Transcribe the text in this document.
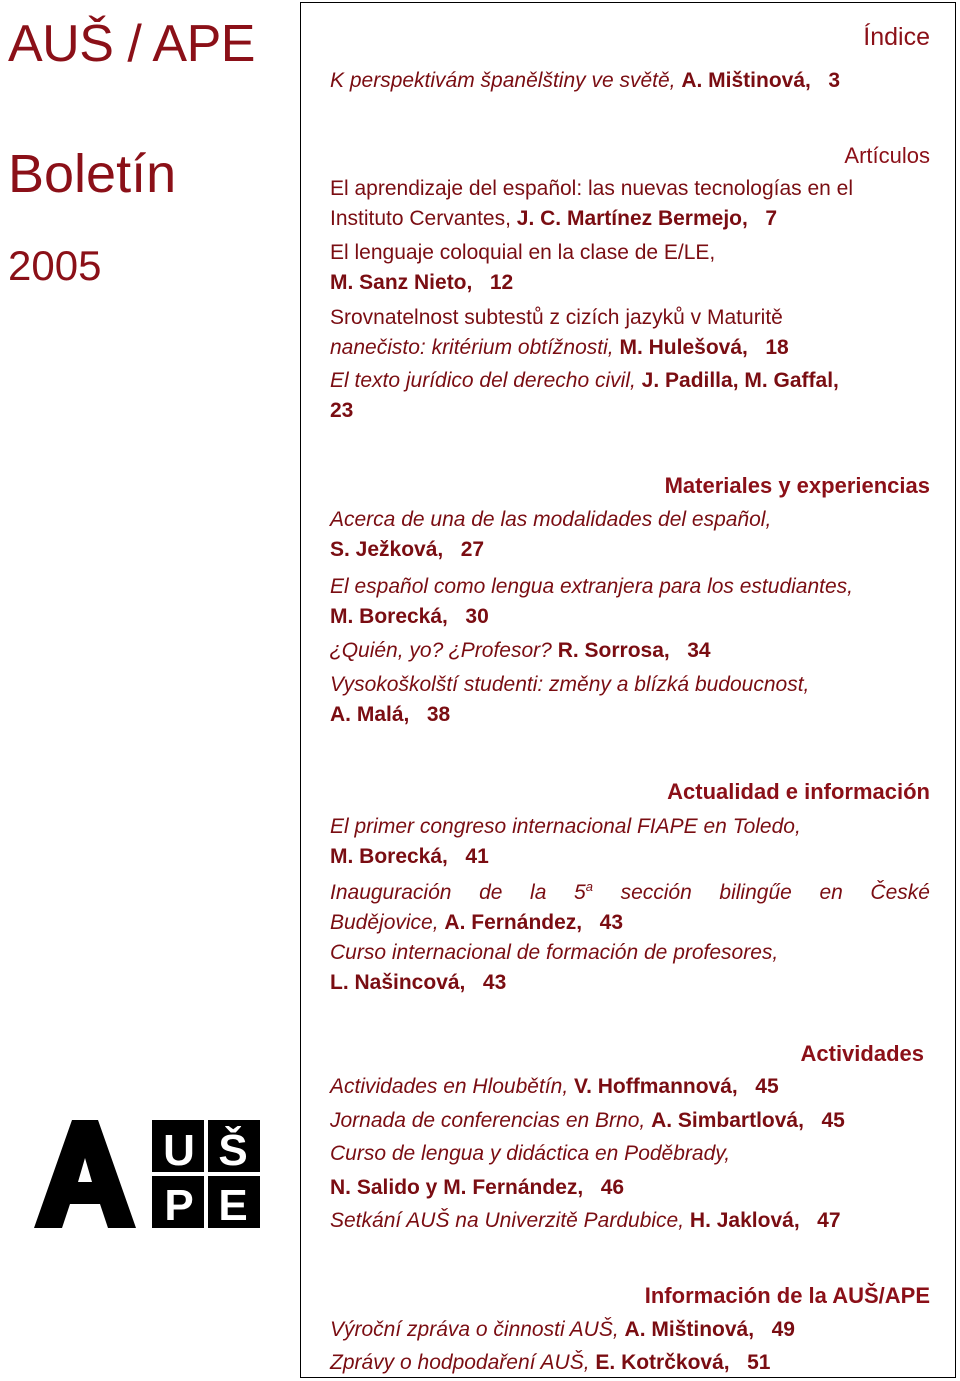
AUŠ / APE
Boletín
2005
U Š
P E
Índice
K perspektivám španělštiny ve světě, A. Mištinová, 3
Artículos
El aprendizaje del español: las nuevas tecnologías en el
Instituto Cervantes, J. C. Martínez Bermejo, 7
El lenguaje coloquial en la clase de E/LE,
M. Sanz Nieto, 12
Srovnatelnost subtestů z cizích jazyků v Maturitě
nanečisto: kritérium obtížnosti, M. Hulešová, 18
El texto jurídico del derecho civil, J. Padilla, M. Gaffal,
23
Materiales y experiencias
Acerca de una de las modalidades del español,
S. Ježková, 27
El español como lengua extranjera para los estudiantes,
M. Borecká, 30
?Quién, yo? ?Profesor? R. Sorrosa, 34
Vysokoškolští studenti: změny a blízká budoucnost,
A. Malá, 38
Actualidad e información
El primer congreso internacional FIAPE en Toledo,
M. Borecká, 41
Inauguración de la 5$^a$ sección bilingűe en České
Budějovice, A. Fernández, 43
Curso internacional de formación de profesores,
L. Našincová, 43
Actividades
Actividades en Hloubětín, V. Hoffmannová, 45
Jornada de conferencias en Brno, A. Simbartlová, 45
Curso de lengua y didáctica en Poděbrady,
N. Salido y M. Fernández, 46
Setkání AUŠ na Univerzitě Pardubice, H. Jaklová, 47
Información de la AUŠ/APE
Výroční zpráva o činnosti AUŠ, A. Mištinová, 49
Zprávy o hodpodaření AUŠ, E. Kotrčková, 51
